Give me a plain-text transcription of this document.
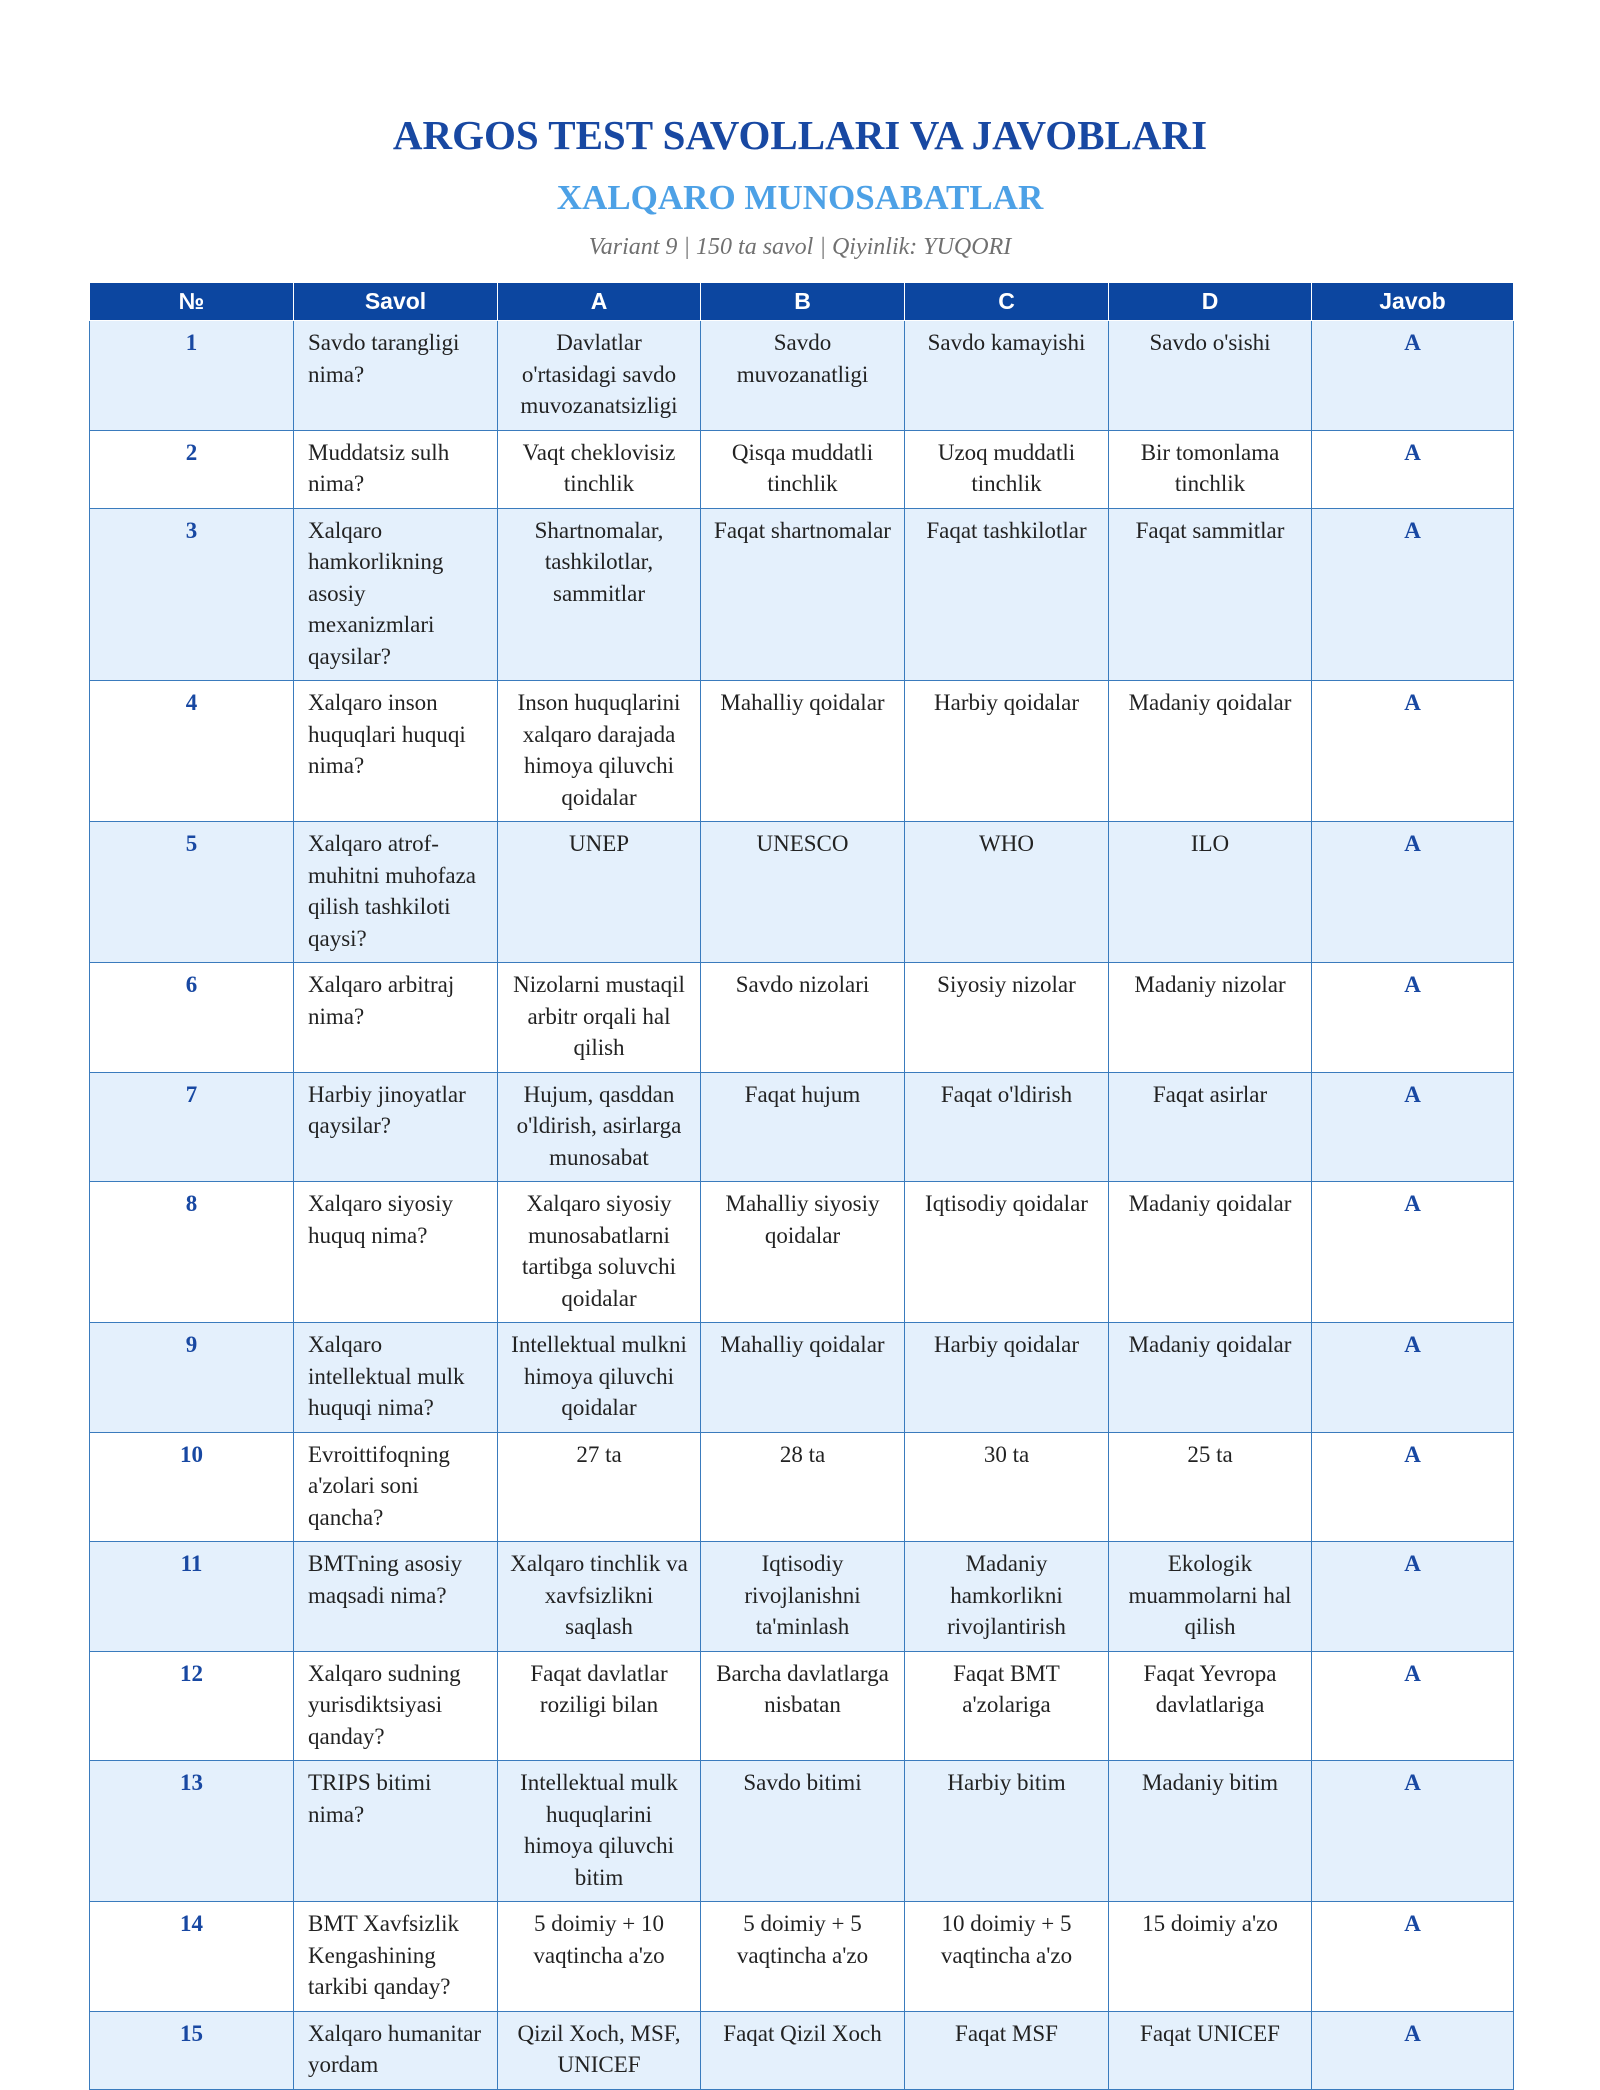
ARGOS TEST SAVOLLARI VA JAVOBLARI
XALQARO MUNOSABATLAR

Variant 9 | 150 ta savol | Qiyinlik: YUQORI

№	Savol	A	B	C	D	Javob
1	Savdo tarangligi nima?	Davlatlar o'rtasidagi savdo muvozanatsizligi	Savdo muvozanatligi	Savdo kamayishi	Savdo o'sishi	A
2	Muddatsiz sulh nima?	Vaqt cheklovisiz tinchlik	Qisqa muddatli tinchlik	Uzoq muddatli tinchlik	Bir tomonlama tinchlik	A
3	Xalqaro hamkorlikning asosiy mexanizmlari qaysilar?	Shartnomalar, tashkilotlar, sammitlar	Faqat shartnomalar	Faqat tashkilotlar	Faqat sammitlar	A
4	Xalqaro inson huquqlari huquqi nima?	Inson huquqlarini xalqaro darajada himoya qiluvchi qoidalar	Mahalliy qoidalar	Harbiy qoidalar	Madaniy qoidalar	A
5	Xalqaro atrof-muhitni muhofaza qilish tashkiloti qaysi?	UNEP	UNESCO	WHO	ILO	A
6	Xalqaro arbitraj nima?	Nizolarni mustaqil arbitr orqali hal qilish	Savdo nizolari	Siyosiy nizolar	Madaniy nizolar	A
7	Harbiy jinoyatlar qaysilar?	Hujum, qasddan o'ldirish, asirlarga munosabat	Faqat hujum	Faqat o'ldirish	Faqat asirlar	A
8	Xalqaro siyosiy huquq nima?	Xalqaro siyosiy munosabatlarni tartibga soluvchi qoidalar	Mahalliy siyosiy qoidalar	Iqtisodiy qoidalar	Madaniy qoidalar	A
9	Xalqaro intellektual mulk huquqi nima?	Intellektual mulkni himoya qiluvchi qoidalar	Mahalliy qoidalar	Harbiy qoidalar	Madaniy qoidalar	A
10	Evroittifoqning a'zolari soni qancha?	27 ta	28 ta	30 ta	25 ta	A
11	BMTning asosiy maqsadi nima?	Xalqaro tinchlik va xavfsizlikni saqlash	Iqtisodiy rivojlanishni ta'minlash	Madaniy hamkorlikni rivojlantirish	Ekologik muammolarni hal qilish	A
12	Xalqaro sudning yurisdiktsiyasi qanday?	Faqat davlatlar roziligi bilan	Barcha davlatlarga nisbatan	Faqat BMT a'zolariga	Faqat Yevropa davlatlariga	A
13	TRIPS bitimi nima?	Intellektual mulk huquqlarini himoya qiluvchi bitim	Savdo bitimi	Harbiy bitim	Madaniy bitim	A
14	BMT Xavfsizlik Kengashining tarkibi qanday?	5 doimiy + 10 vaqtincha a'zo	5 doimiy + 5 vaqtincha a'zo	10 doimiy + 5 vaqtincha a'zo	15 doimiy a'zo	A
15	Xalqaro humanitar yordam	Qizil Xoch, MSF, UNICEF	Faqat Qizil Xoch	Faqat MSF	Faqat UNICEF	A
